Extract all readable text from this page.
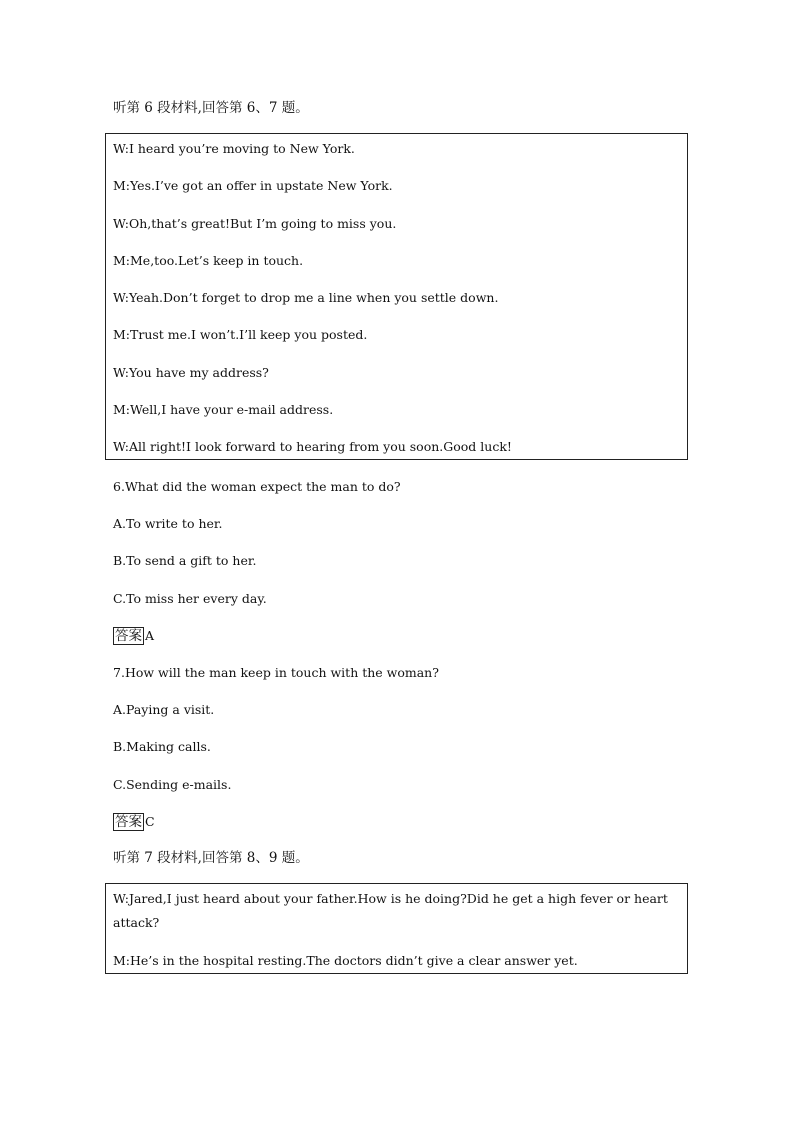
听第 6 段材料,回答第 6、7 题。
W:I heard you’re moving to New York.
M:Yes.I’ve got an offer in upstate New York.
W:Oh,that’s great!But I’m going to miss you.
M:Me,too.Let’s keep in touch.
W:Yeah.Don’t forget to drop me a line when you settle down.
M:Trust me.I won’t.I’ll keep you posted.
W:You have my address?
M:Well,I have your e-mail address.
W:All right!I look forward to hearing from you soon.Good luck!
6.What did the woman expect the man to do?
A.To write to her.
B.To send a gift to her.
C.To miss her every day.
答案 A
7.How will the man keep in touch with the woman?
A.Paying a visit.
B.Making calls.
C.Sending e-mails.
答案 C
听第 7 段材料,回答第 8、9 题。
W:Jared,I just heard about your father.How is he doing?Did he get a high fever or heart attack?
M:He’s in the hospital resting.The doctors didn’t give a clear answer yet.
